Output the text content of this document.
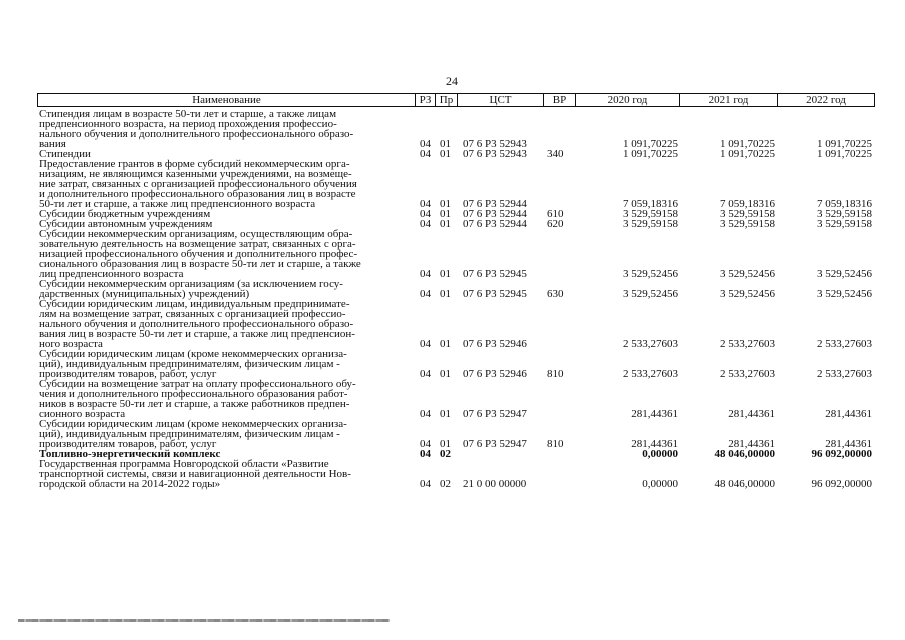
24
Наименование	РЗ Пр	ЦСТ	ВР	2020 год	2021 год	2022 год
Стипендия лицам в возрасте 50-ти лет и старше, а также лицам
предпенсионного возраста, на период прохождения профессио-
нального обучения и дополнительного профессионального образо-
вания	04 01 07 6 P3 52943	1 091,70225	1 091,70225	1 091,70225
Стипендии	04 01 07 6 P3 52943 340	1 091,70225	1 091,70225	1 091,70225
Предоставление грантов в форме субсидий некоммерческим орга-
низациям, не являющимся казенными учреждениями, на возмеще-
ние затрат, связанных с организацией профессионального обучения
и дополнительного профессионального образования лиц в возрасте
50-ти лет и старше, а также лиц предпенсионного возраста	04 01 07 6 P3 52944	7 059,18316	7 059,18316	7 059,18316
Субсидии бюджетным учреждениям	04 01 07 6 P3 52944 610	3 529,59158	3 529,59158	3 529,59158
Субсидии автономным учреждениям	04 01 07 6 P3 52944 620	3 529,59158	3 529,59158	3 529,59158
Субсидии некоммерческим организациям, осуществляющим обра-
зовательную деятельность на возмещение затрат, связанных с орга-
низацией профессионального обучения и дополнительного профес-
сионального образования лиц в возрасте 50-ти лет и старше, а также
лиц предпенсионного возраста	04 01 07 6 P3 52945	3 529,52456	3 529,52456	3 529,52456
Субсидии некоммерческим организациям (за исключением госу-
дарственных (муниципальных) учреждений)	04 01 07 6 P3 52945 630	3 529,52456	3 529,52456	3 529,52456
Субсидии юридическим лицам, индивидуальным предпринимате-
лям на возмещение затрат, связанных с организацией профессио-
нального обучения и дополнительного профессионального образо-
вания лиц в возрасте 50-ти лет и старше, а также лиц предпенсион-
ного возраста	04 01 07 6 P3 52946	2 533,27603	2 533,27603	2 533,27603
Субсидии юридическим лицам (кроме некоммерческих организа-
ций), индивидуальным предпринимателям, физическим лицам -
производителям товаров, работ, услуг	04 01 07 6 P3 52946 810	2 533,27603	2 533,27603	2 533,27603
Субсидии на возмещение затрат на оплату профессионального обу-
чения и дополнительного профессионального образования работ-
ников в возрасте 50-ти лет и старше, а также работников предпен-
сионного возраста	04 01 07 6 P3 52947	281,44361	281,44361	281,44361
Субсидии юридическим лицам (кроме некоммерческих организа-
ций), индивидуальным предпринимателям, физическим лицам -
производителям товаров, работ, услуг	04 01 07 6 P3 52947 810	281,44361	281,44361	281,44361
Топливно-энергетический комплекс	04 02	0,00000	48 046,00000	96 092,00000
Государственная программа Новгородской области «Развитие
транспортной системы, связи и навигационной деятельности Нов-
городской области на 2014-2022 годы»	04 02 21 0 00 00000	0,00000	48 046,00000	96 092,00000
